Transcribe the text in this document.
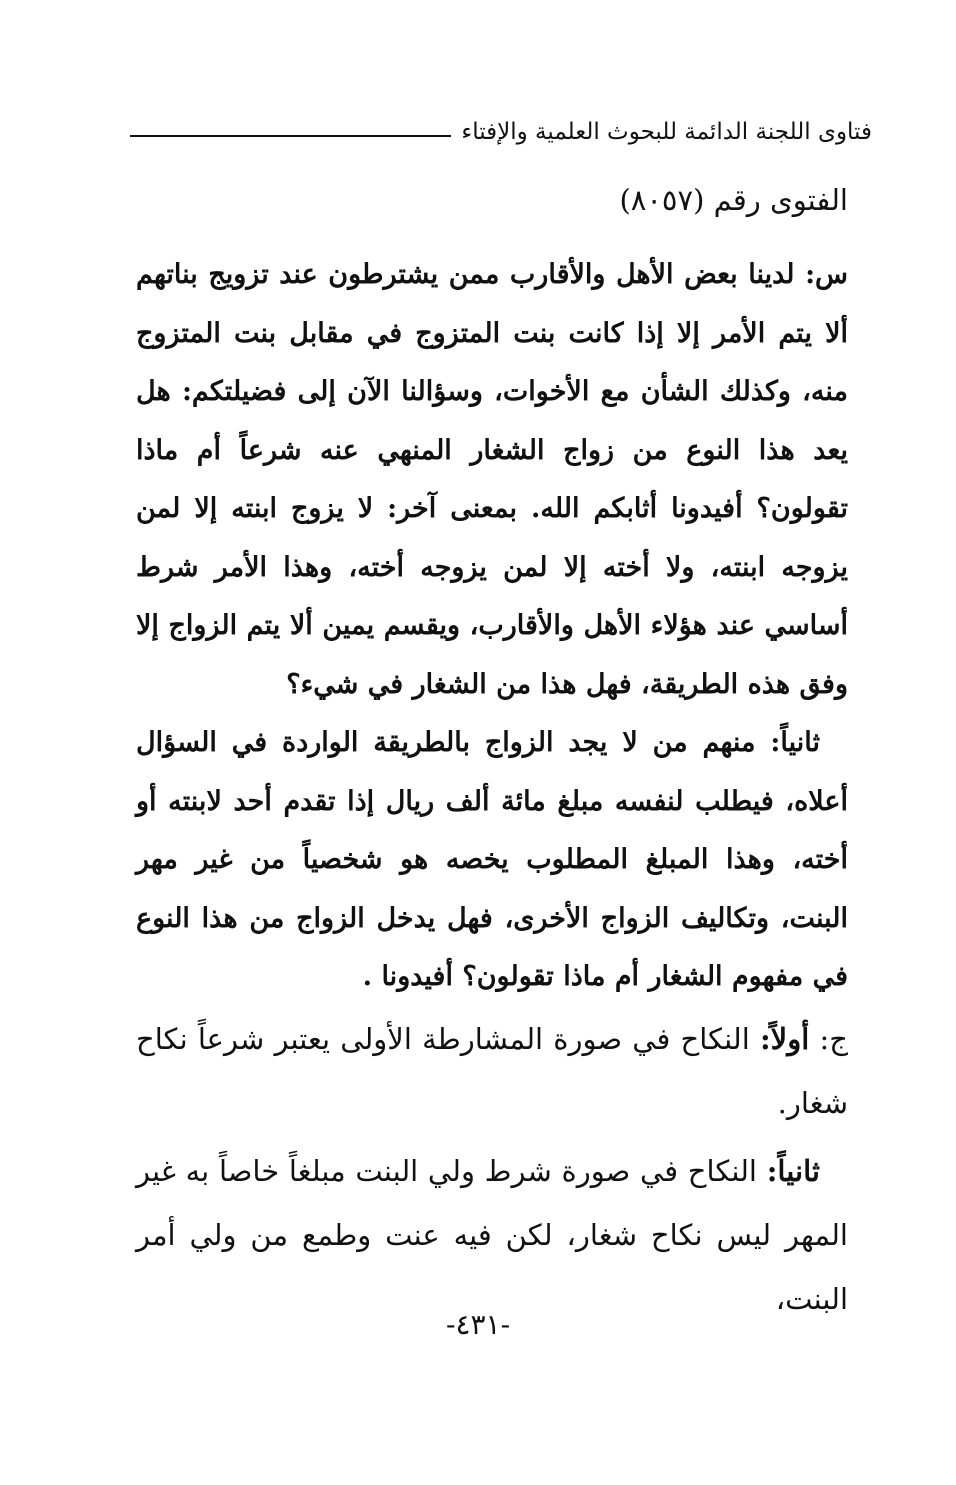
فتاوى اللجنة الدائمة للبحوث العلمية والإفتاء
الفتوى رقم (٨٠٥٧)

س: لدينا بعض الأهل والأقارب ممن يشترطون عند تزويج بناتهم ألا يتم الأمر إلا إذا كانت بنت المتزوج في مقابل بنت المتزوج منه، وكذلك الشأن مع الأخوات، وسؤالنا الآن إلى فضيلتكم: هل يعد هذا النوع من زواج الشغار المنهي عنه شرعاً أم ماذا تقولون؟ أفيدونا أثابكم الله. بمعنى آخر: لا يزوج ابنته إلا لمن يزوجه ابنته، ولا أخته إلا لمن يزوجه أخته، وهذا الأمر شرط أساسي عند هؤلاء الأهل والأقارب، ويقسم يمين ألا يتم الزواج إلا وفق هذه الطريقة، فهل هذا من الشغار في شيء؟

ثانياً: منهم من لا يجد الزواج بالطريقة الواردة في السؤال أعلاه، فيطلب لنفسه مبلغ مائة ألف ريال إذا تقدم أحد لابنته أو أخته، وهذا المبلغ المطلوب يخصه هو شخصياً من غير مهر البنت، وتكاليف الزواج الأخرى، فهل يدخل الزواج من هذا النوع في مفهوم الشغار أم ماذا تقولون؟ أفيدونا .

ج: أولاً: النكاح في صورة المشارطة الأولى يعتبر شرعاً نكاح شغار.

ثانياً: النكاح في صورة شرط ولي البنت مبلغاً خاصاً به غير المهر ليس نكاح شغار، لكن فيه عنت وطمع من ولي أمر البنت،

-٤٣١-
